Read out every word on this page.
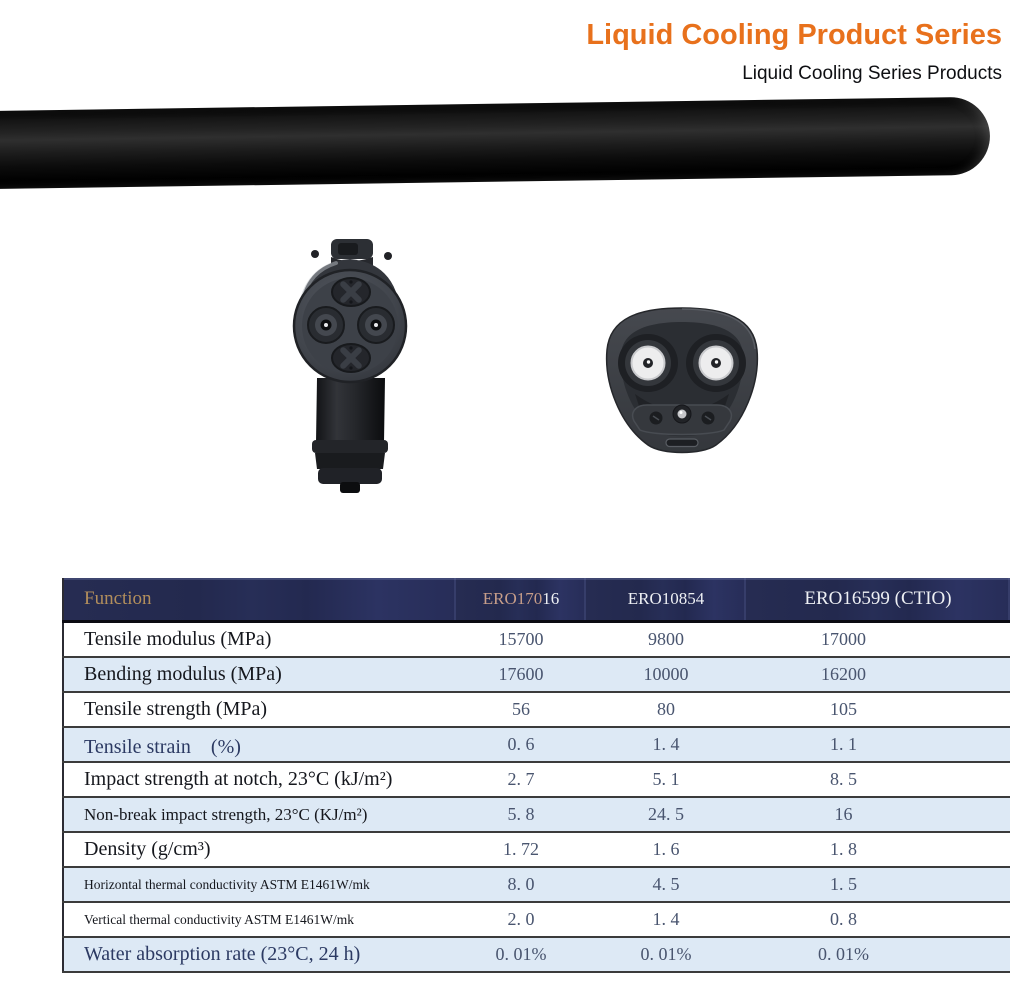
Liquid Cooling Product Series
Liquid Cooling Series Products
Function	ERO17016	ERO10854	ERO16599 (CTIO)
Tensile modulus (MPa)	15700	9800	17000
Bending modulus (MPa)	17600	10000	16200
Tensile strength (MPa)	56	80	105
Tensile strain　(%)	0. 6	1. 4	1. 1
Impact strength at notch, 23°C (kJ/m²)	2. 7	5. 1	8. 5
Non-break impact strength, 23°C (KJ/m²)	5. 8	24. 5	16
Density (g/cm³)	1. 72	1. 6	1. 8
Horizontal thermal conductivity ASTM E1461W/mk	8. 0	4. 5	1. 5
Vertical thermal conductivity ASTM E1461W/mk	2. 0	1. 4	0. 8
Water absorption rate (23°C, 24 h)	0. 01%	0. 01%	0. 01%
